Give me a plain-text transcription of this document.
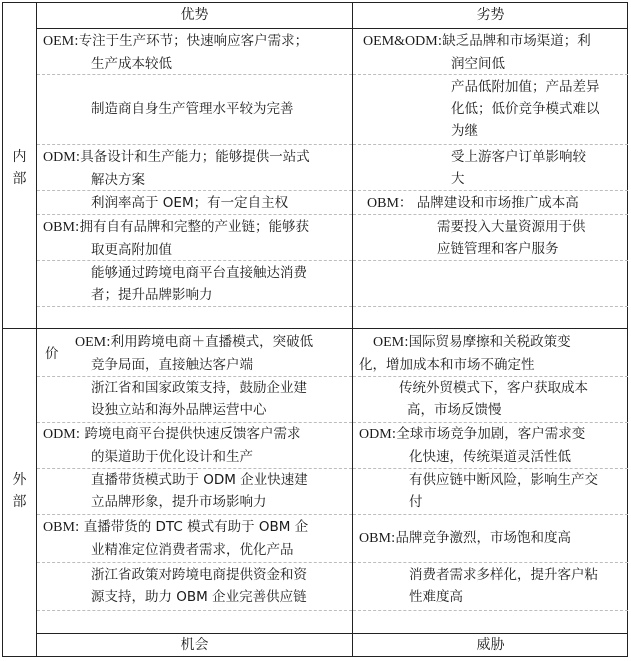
优势	劣势
机会	威胁
内
部
外
部
OEM:专注于生产环节；快速响应客户需求；
生产成本较低
制造商自身生产管理水平较为完善
ODM:具备设计和生产能力；能够提供一站式
解决方案
利润率高于 OEM；有一定自主权
OBM:拥有自有品牌和完整的产业链；能够获
取更高附加值
能够通过跨境电商平台直接触达消费
者；提升品牌影响力
OEM&ODM:缺乏品牌和市场渠道；利
润空间低
产品低附加值；产品差异
化低；低价竞争模式难以
为继
受上游客户订单影响较
大
OBM： 品牌建设和市场推广成本高
需要投入大量资源用于供
应链管理和客户服务
价
OEM:利用跨境电商＋直播模式，突破低
竞争局面，直接触达客户端
浙江省和国家政策支持，鼓励企业建
设独立站和海外品牌运营中心
ODM: 跨境电商平台提供快速反馈客户需求
的渠道助于优化设计和生产
直播带货模式助于 ODM 企业快速建
立品牌形象，提升市场影响力
OBM: 直播带货的 DTC 模式有助于 OBM 企
业精准定位消费者需求，优化产品
浙江省政策对跨境电商提供资金和资
源支持，助力 OBM 企业完善供应链
OEM:国际贸易摩擦和关税政策变
化，增加成本和市场不确定性
传统外贸模式下，客户获取成本
高，市场反馈慢
ODM:全球市场竞争加剧，客户需求变
化快速，传统渠道灵活性低
有供应链中断风险，影响生产交
付
OBM:品牌竞争激烈，市场饱和度高
消费者需求多样化，提升客户粘
性难度高
